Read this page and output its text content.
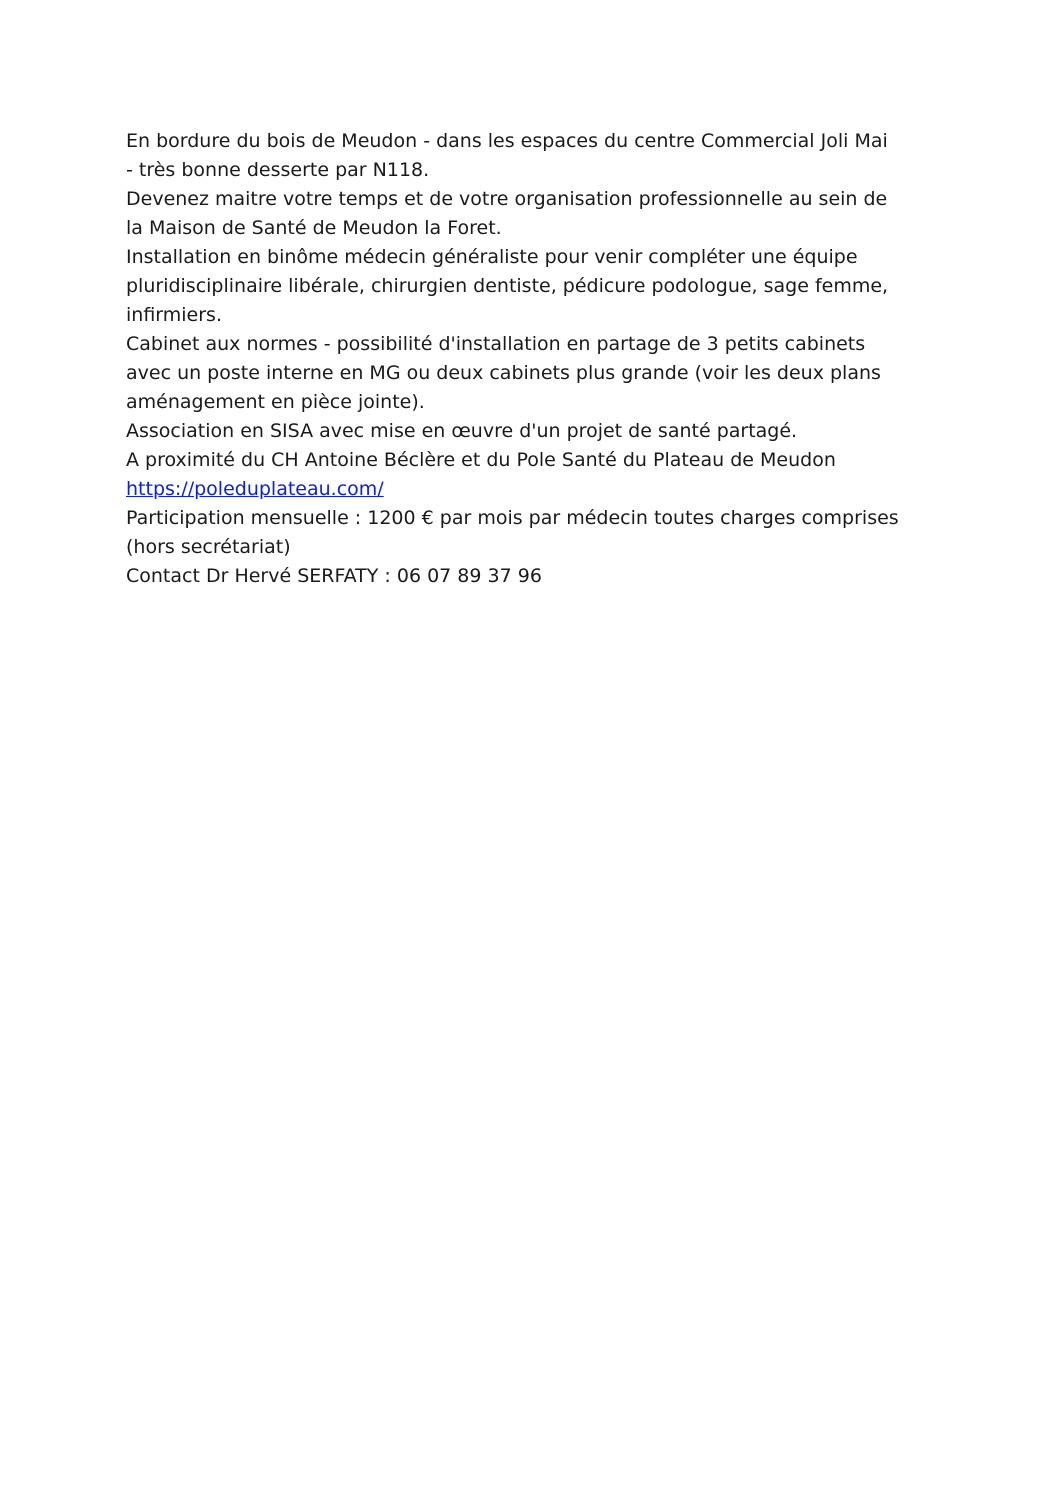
En bordure du bois de Meudon - dans les espaces du centre Commercial Joli Mai
- très bonne desserte par N118.
Devenez maitre votre temps et de votre organisation professionnelle au sein de
la Maison de Santé de Meudon la Foret.
Installation en binôme médecin généraliste pour venir compléter une équipe
pluridisciplinaire libérale, chirurgien dentiste, pédicure podologue, sage femme,
infirmiers.
Cabinet aux normes - possibilité d'installation en partage de 3 petits cabinets
avec un poste interne en MG ou deux cabinets plus grande (voir les deux plans
aménagement en pièce jointe).
Association en SISA avec mise en œuvre d'un projet de santé partagé.
A proximité du CH Antoine Béclère et du Pole Santé du Plateau de Meudon
https://poleduplateau.com/
Participation mensuelle : 1200 € par mois par médecin toutes charges comprises
(hors secrétariat)
Contact Dr Hervé SERFATY : 06 07 89 37 96
